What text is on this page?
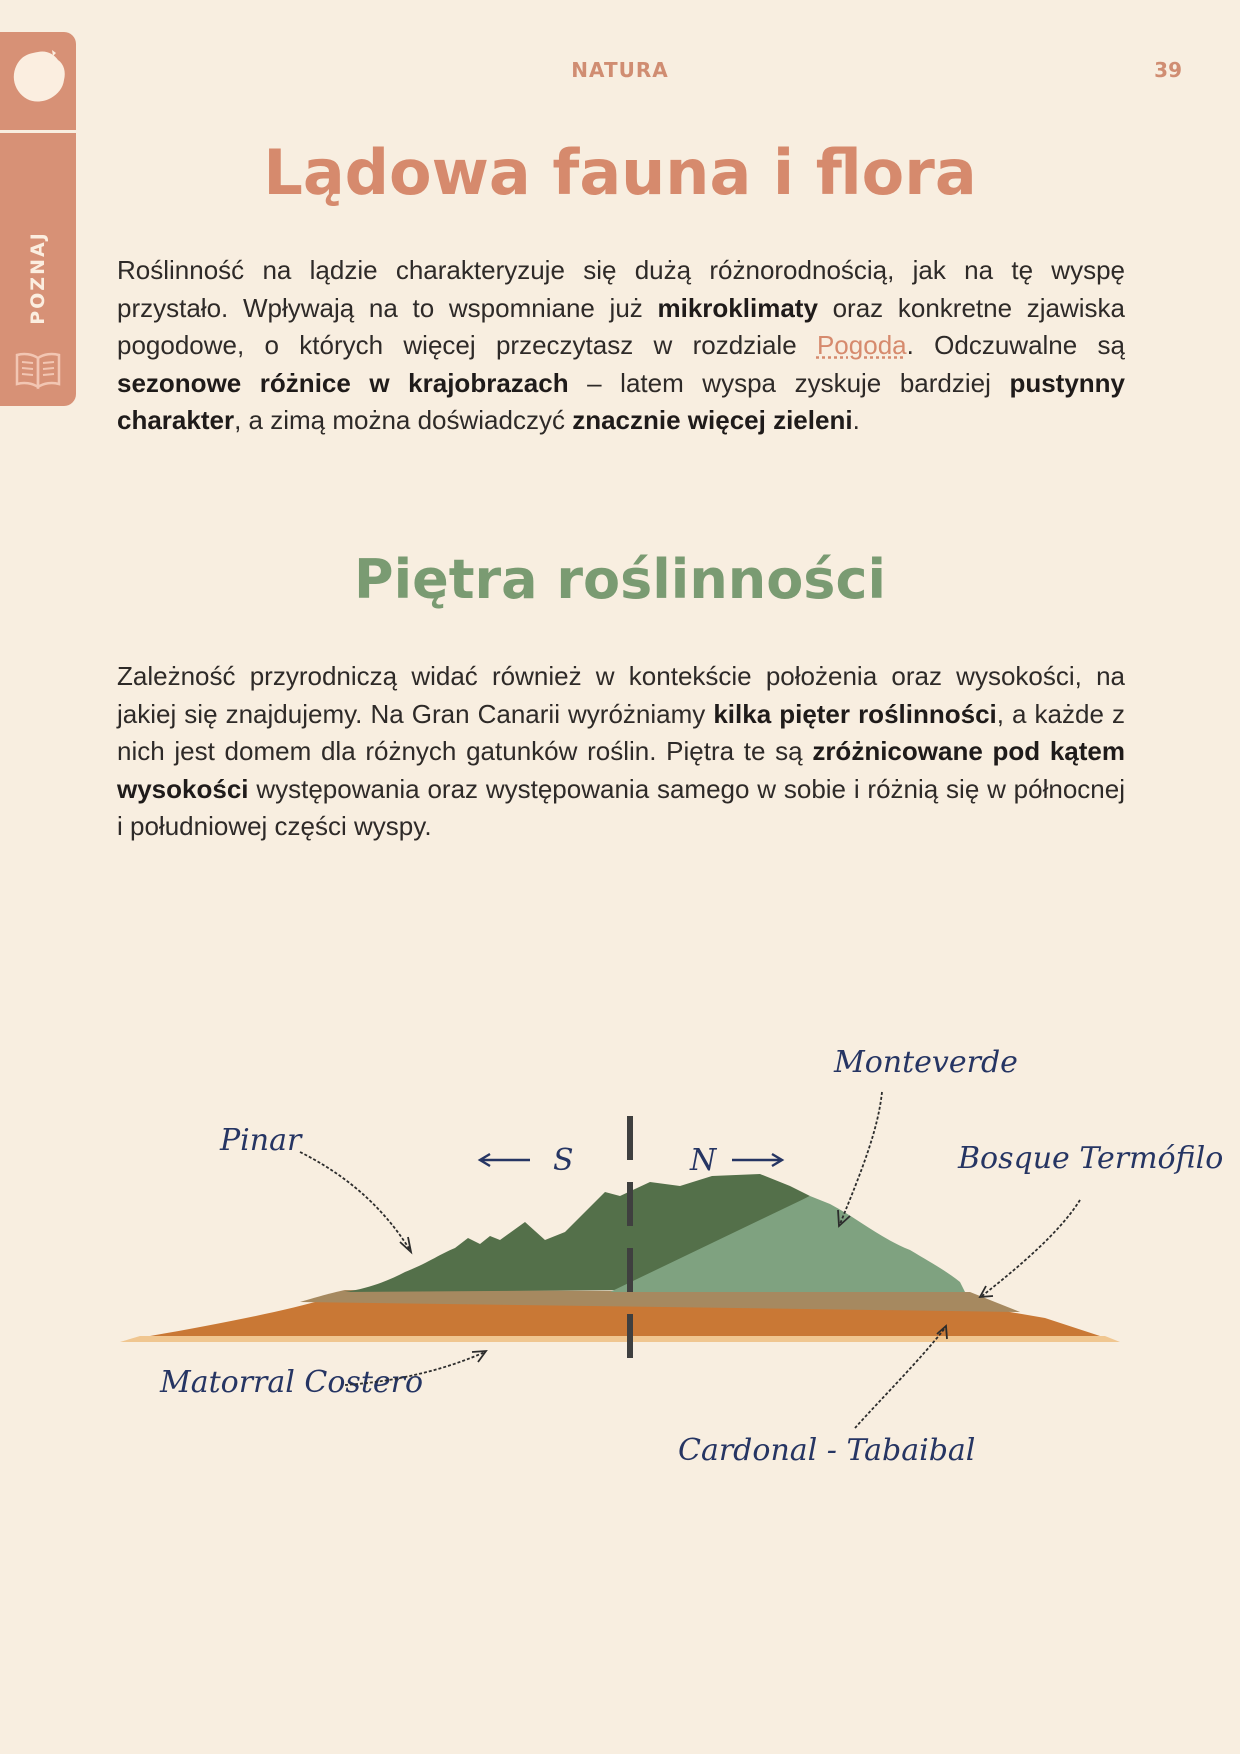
POZNAJ
NATURA	39
Lądowa fauna i flora

Roślinność na lądzie charakteryzuje się dużą różnorodnością, jak na tę wyspę przystało. Wpływają na to wspomniane już mikroklimaty oraz konkretne zjawiska pogodowe, o których więcej przeczytasz w rozdziale Pogoda. Odczuwalne są sezonowe różnice w krajobrazach – latem wyspa zyskuje bardziej pustynny charakter, a zimą można doświadczyć znacznie więcej zieleni.

Piętra roślinności

Zależność przyrodniczą widać również w kontekście położenia oraz wysokości, na jakiej się znajdujemy. Na Gran Canarii wyróżniamy kilka pięter roślinności, a każde z nich jest domem dla różnych gatunków roślin. Piętra te są zróżnicowane pod kątem wysokości występowania oraz występowania samego w sobie i różnią się w północnej i południowej części wyspy.

S	N
Pinar
Monteverde
Bosque Termófilo
Matorral Costero
Cardonal - Tabaibal
